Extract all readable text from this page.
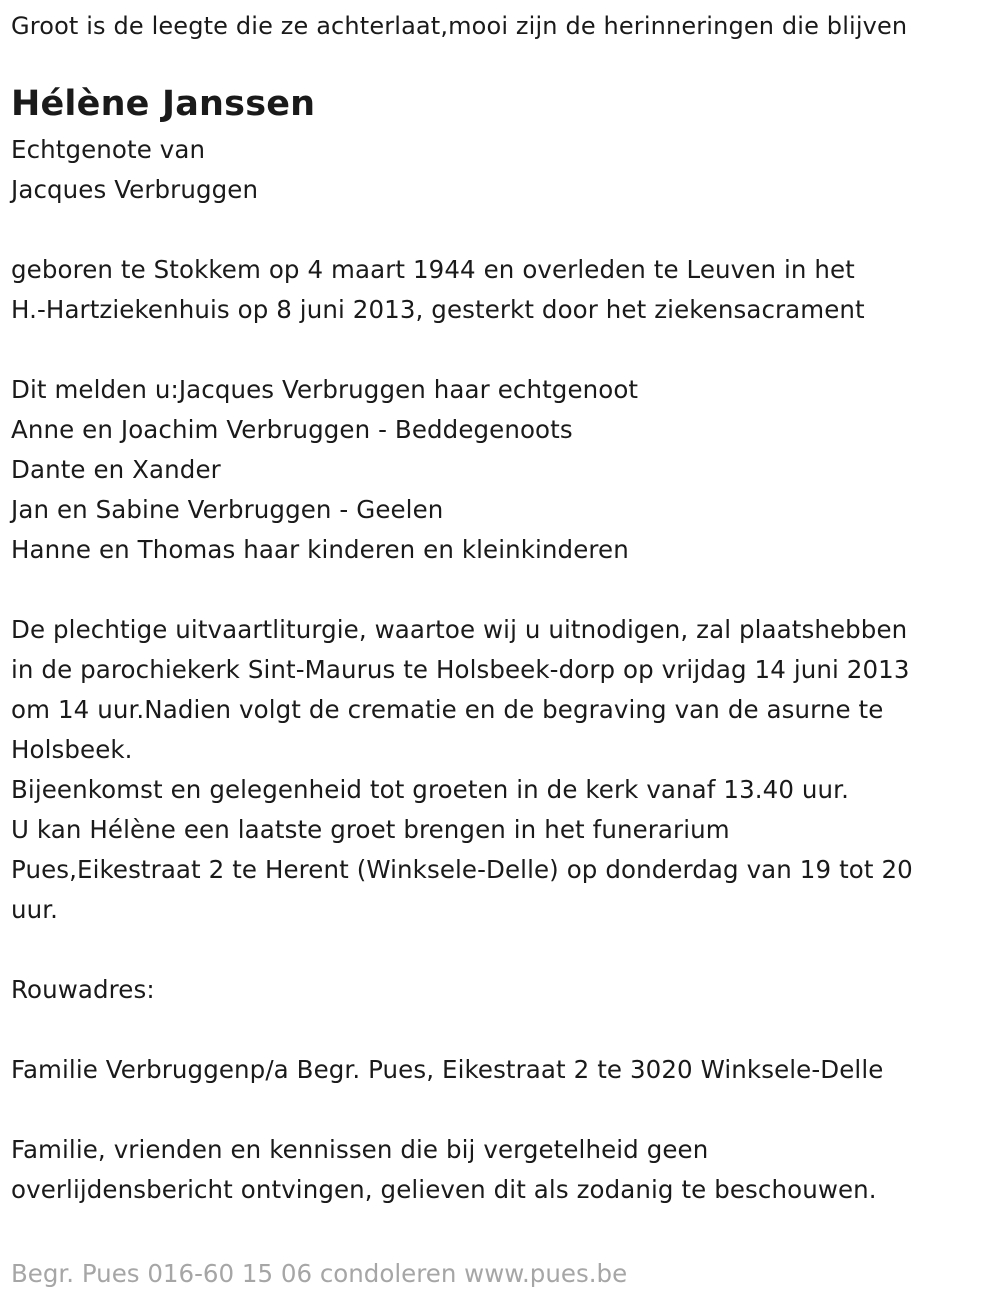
Groot is de leegte die ze achterlaat,mooi zijn de herinneringen die blijven
Hélène Janssen
Echtgenote van
Jacques Verbruggen
geboren te Stokkem op 4 maart 1944 en overleden te Leuven in het
H.-Hartziekenhuis op 8 juni 2013, gesterkt door het ziekensacrament
Dit melden u:Jacques Verbruggen haar echtgenoot
Anne en Joachim Verbruggen - Beddegenoots
Dante en Xander
Jan en Sabine Verbruggen - Geelen
Hanne en Thomas haar kinderen en kleinkinderen
De plechtige uitvaartliturgie, waartoe wij u uitnodigen, zal plaatshebben
in de parochiekerk Sint-Maurus te Holsbeek-dorp op vrijdag 14 juni 2013
om 14 uur.Nadien volgt de crematie en de begraving van de asurne te
Holsbeek.
Bijeenkomst en gelegenheid tot groeten in de kerk vanaf 13.40 uur.
U kan Hélène een laatste groet brengen in het funerarium
Pues,Eikestraat 2 te Herent (Winksele-Delle) op donderdag van 19 tot 20
uur.
Rouwadres:
Familie Verbruggenp/a Begr. Pues, Eikestraat 2 te 3020 Winksele-Delle
Familie, vrienden en kennissen die bij vergetelheid geen
overlijdensbericht ontvingen, gelieven dit als zodanig te beschouwen.
Begr. Pues 016-60 15 06 condoleren www.pues.be
